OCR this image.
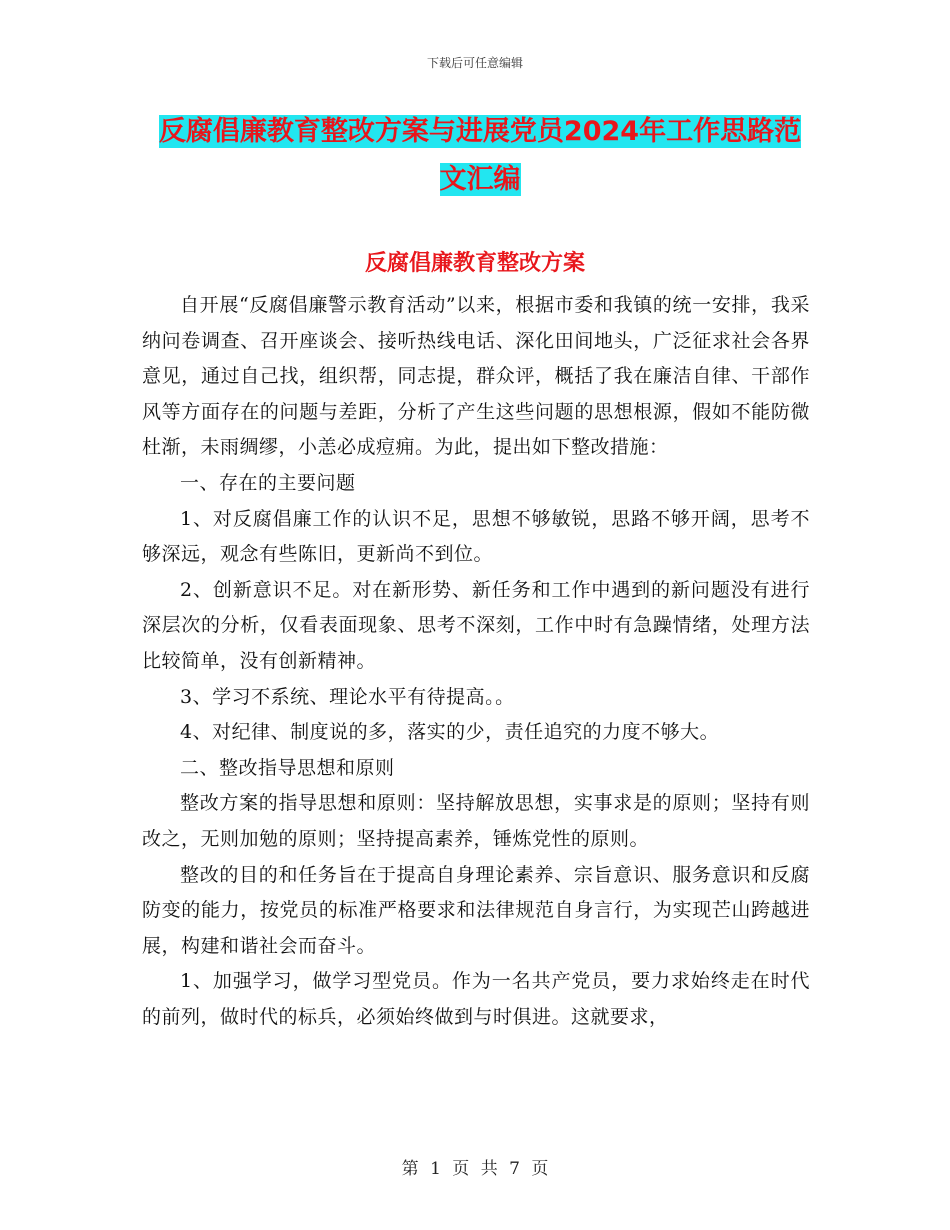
下载后可任意编辑
反腐倡廉教育整改方案与进展党员2024年工作思路范
文汇编
反腐倡廉教育整改方案

自开展“反腐倡廉警示教育活动”以来，根据市委和我镇的统一安排，我采纳问卷调查、召开座谈会、接听热线电话、深化田间地头，广泛征求社会各界意见，通过自己找，组织帮，同志提，群众评，概括了我在廉洁自律、干部作风等方面存在的问题与差距，分析了产生这些问题的思想根源，假如不能防微杜渐，未雨绸缪，小恙必成痘痈。为此，提出如下整改措施：

一、存在的主要问题

1、对反腐倡廉工作的认识不足，思想不够敏锐，思路不够开阔，思考不够深远，观念有些陈旧，更新尚不到位。

2、创新意识不足。对在新形势、新任务和工作中遇到的新问题没有进行深层次的分析，仅看表面现象、思考不深刻，工作中时有急躁情绪，处理方法比较简单，没有创新精神。

3、学习不系统、理论水平有待提高。。

4、对纪律、制度说的多，落实的少，责任追究的力度不够大。

二、整改指导思想和原则

整改方案的指导思想和原则：坚持解放思想，实事求是的原则；坚持有则改之，无则加勉的原则；坚持提高素养，锤炼党性的原则。

整改的目的和任务旨在于提高自身理论素养、宗旨意识、服务意识和反腐防变的能力，按党员的标准严格要求和法律规范自身言行，为实现芒山跨越进展，构建和谐社会而奋斗。

1、加强学习，做学习型党员。作为一名共产党员，要力求始终走在时代的前列，做时代的标兵，必须始终做到与时俱进。这就要求，

第 1 页 共 7 页
